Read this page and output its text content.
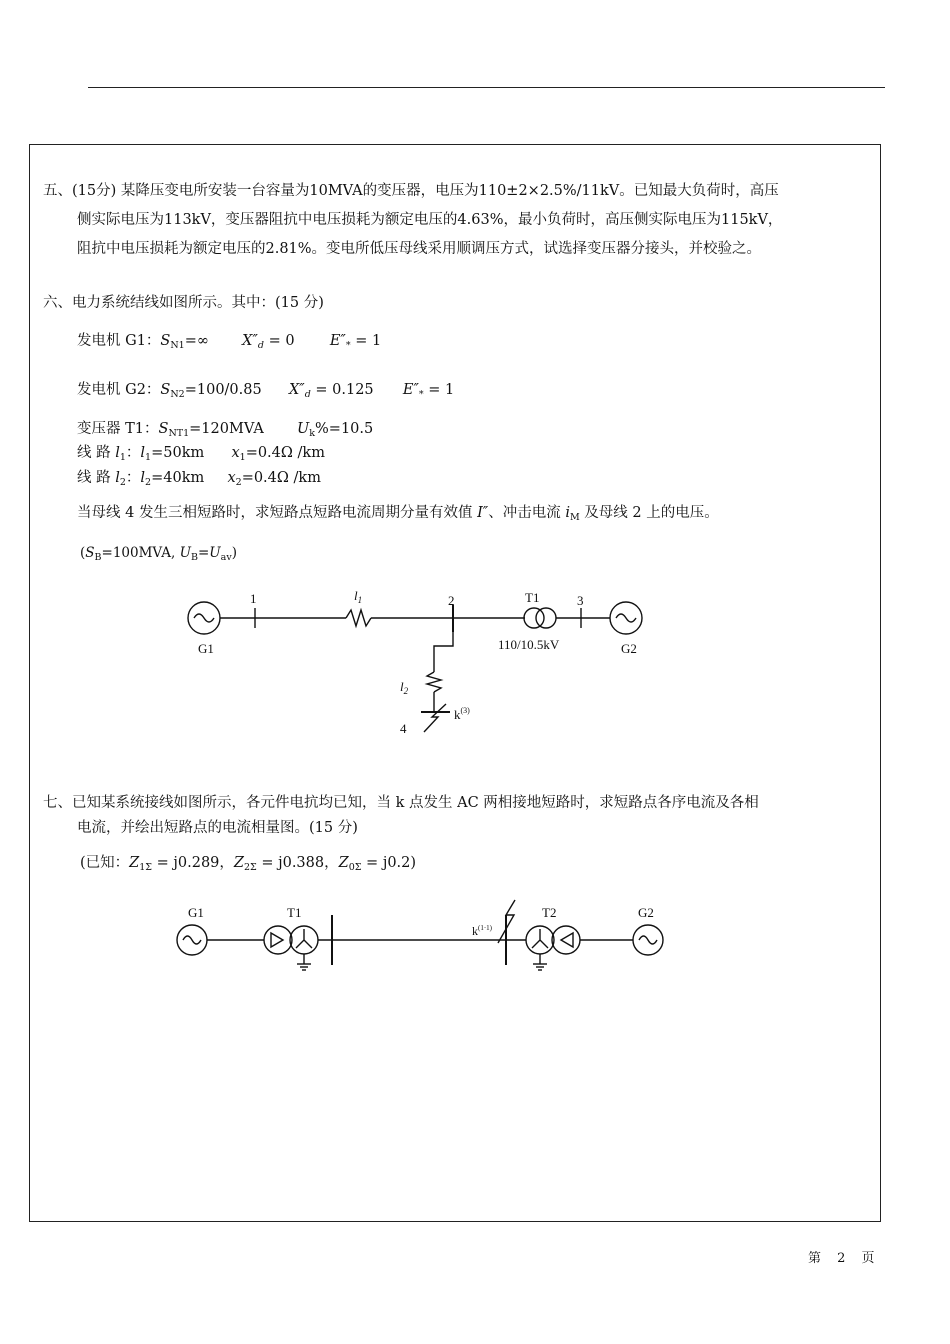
五、(15分) 某降压变电所安装一台容量为10MVA的变压器，电压为110±2×2.5%/11kV。已知最大负荷时，高压
侧实际电压为113kV，变压器阻抗中电压损耗为额定电压的4.63%，最小负荷时，高压侧实际电压为115kV，
阻抗中电压损耗为额定电压的2.81%。变电所低压母线采用顺调压方式，试选择变压器分接头，并校验之。
六、电力系统结线如图所示。其中：(15 分)
发电机 G1：$S_{N1}=\infty$ $X''_d = 0$ $E''_* = 1$
发电机 G2：$S_{N2}=100/0.85$ $X''_d = 0.125$ $E''_* = 1$
变压器 T1：$S_{NT1}=120MVA$ $U_k\%=10.5$
线 路 $l_1$：$l_1=50km$ $x_1=0.4\Omega$ /km
线 路 $l_2$：$l_2=40km$ $x_2=0.4\Omega$ /km
当母线 4 发生三相短路时，求短路点短路电流周期分量有效值 I″、冲击电流 $i_M$ 及母线 2 上的电压。
($S_B=100MVA$, $U_B=U_{av}$)
1	$l_1$	2	T1	3
G1	110/10.5kV	G2
$l_2$
4
$k^{(3)}$
七、已知某系统接线如图所示，各元件电抗均已知，当 k 点发生 AC 两相接地短路时，求短路点各序电流及各相
电流，并绘出短路点的电流相量图。(15 分)
(已知：$Z_{1\Sigma} = j0.289$，$Z_{2\Sigma} = j0.388$，$Z_{0\Sigma} = j0.2$)
G1	T1	T2	G2
$k^{(1\cdot 1)}$
第 2 页
